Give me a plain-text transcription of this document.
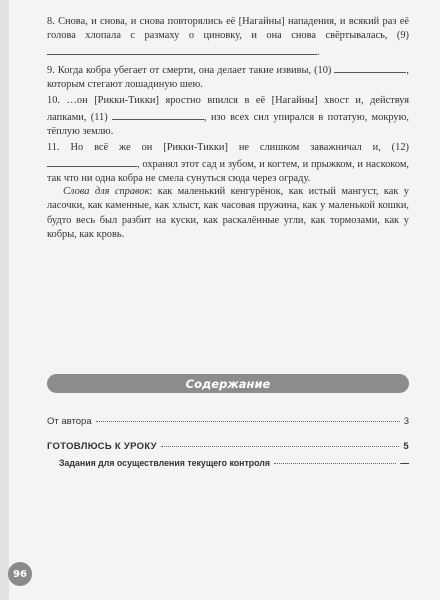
8. Снова, и снова, и снова повторялись её [Нагайны] нападения, и всякий раз её голова хлопала с размаху о циновку, и она снова свёртывалась, (9) .

9. Когда кобра убегает от смерти, она делает такие извивы, (10)	, которым стегают лошадиную шею.

10. …он [Рикки-Тикки] яростно впился в её [Нагайны] хвост и, действуя лапками, (11)	, изо всех сил упирался в потатую, мокрую, тёплую землю.

11. Но всё же он [Рикки-Тикки] не слишком заважничал и, (12) , охранял этот сад и зубом, и когтем, и прыжком, и наскоком, так что ни одна кобра не смела сунуться сюда через ограду.

Слова для справок: как маленький кенгурёнок, как истый мангуст, как у ласочки, как каменные, как хлыст, как часовая пружина, как у маленькой кошки, будто весь был разбит на куски, как раскалённые угли, как тормозами, как у кобры, как кровь.
Содержание
От автора	3
ГОТОВЛЮСЬ К УРОКУ	5
Задания для осуществления текущего контроля	—
96
